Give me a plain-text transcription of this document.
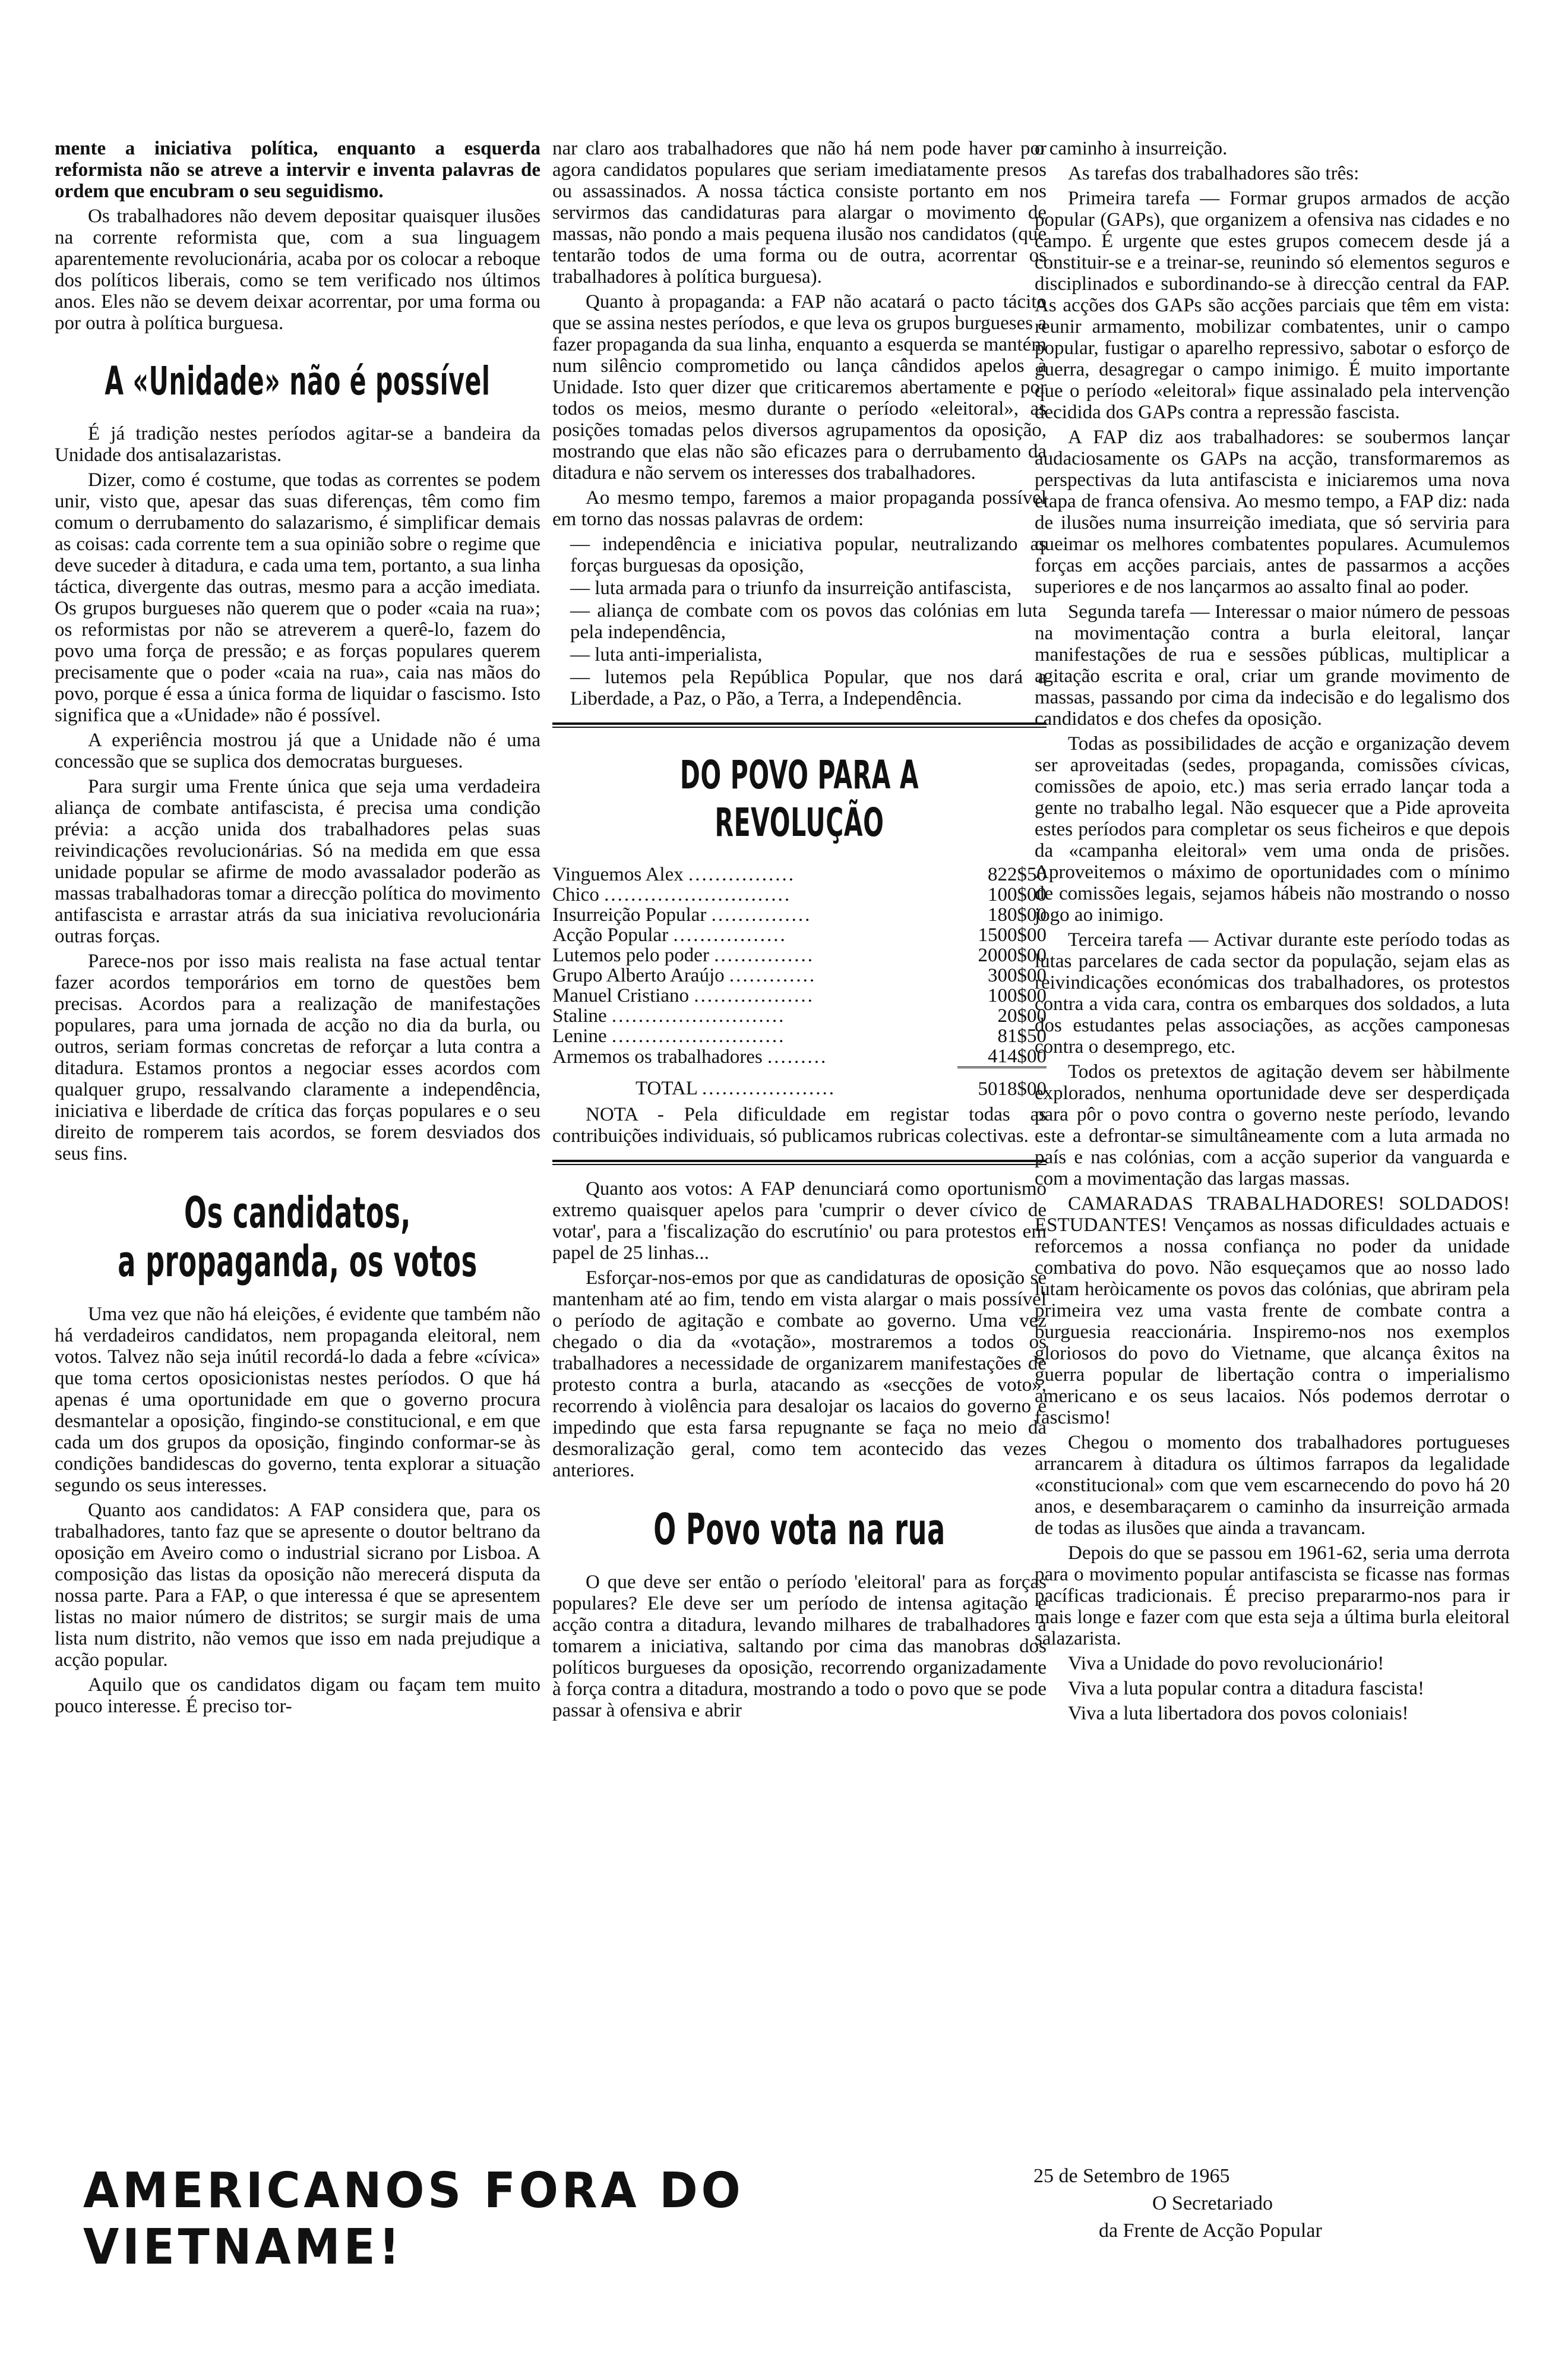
mente a iniciativa política, enquanto a esquerda reformista não se atreve a intervir e inventa palavras de ordem que encubram o seu seguidismo.

Os trabalhadores não devem depositar quaisquer ilusões na corrente reformista que, com a sua linguagem aparentemente revolucionária, acaba por os colocar a reboque dos políticos liberais, como se tem verificado nos últimos anos. Eles não se devem deixar acorrentar, por uma forma ou por outra à política burguesa.

A «Unidade» não é possível

É já tradição nestes períodos agitar-se a bandeira da Unidade dos antisalazaristas.

Dizer, como é costume, que todas as correntes se podem unir, visto que, apesar das suas diferenças, têm como fim comum o derrubamento do salazarismo, é simplificar demais as coisas: cada corrente tem a sua opinião sobre o regime que deve suceder à ditadura, e cada uma tem, portanto, a sua linha táctica, divergente das outras, mesmo para a acção imediata. Os grupos burgueses não querem que o poder «caia na rua»; os reformistas por não se atreverem a querê-lo, fazem do povo uma força de pressão; e as forças populares querem precisamente que o poder «caia na rua», caia nas mãos do povo, porque é essa a única forma de liquidar o fascismo. Isto significa que a «Unidade» não é possível.

A experiência mostrou já que a Unidade não é uma concessão que se suplica dos democratas burgueses.

Para surgir uma Frente única que seja uma verdadeira aliança de combate antifascista, é precisa uma condição prévia: a acção unida dos trabalhadores pelas suas reivindicações revolucionárias. Só na medida em que essa unidade popular se afirme de modo avassalador poderão as massas trabalhadoras tomar a direcção política do movimento antifascista e arrastar atrás da sua iniciativa revolucionária outras forças.

Parece-nos por isso mais realista na fase actual tentar fazer acordos temporários em torno de questões bem precisas. Acordos para a realização de manifestações populares, para uma jornada de acção no dia da burla, ou outros, seriam formas concretas de reforçar a luta contra a ditadura. Estamos prontos a negociar esses acordos com qualquer grupo, ressalvando claramente a independência, iniciativa e liberdade de crítica das forças populares e o seu direito de romperem tais acordos, se forem desviados dos seus fins.

Os candidatos,
a propaganda, os votos

Uma vez que não há eleições, é evidente que também não há verdadeiros candidatos, nem propaganda eleitoral, nem votos. Talvez não seja inútil recordá-lo dada a febre «cívica» que toma certos oposicionistas nestes períodos. O que há apenas é uma oportunidade em que o governo procura desmantelar a oposição, fingindo-se constitucional, e em que cada um dos grupos da oposição, fingindo conformar-se às condições bandidescas do governo, tenta explorar a situação segundo os seus interesses.

Quanto aos candidatos: A FAP considera que, para os trabalhadores, tanto faz que se apresente o doutor beltrano da oposição em Aveiro como o industrial sicrano por Lisboa. A composição das listas da oposição não merecerá disputa da nossa parte. Para a FAP, o que interessa é que se apresentem listas no maior número de distritos; se surgir mais de uma lista num distrito, não vemos que isso em nada prejudique a acção popular.

Aquilo que os candidatos digam ou façam tem muito pouco interesse. É preciso tor-

nar claro aos trabalhadores que não há nem pode haver por agora candidatos populares que seriam imediatamente presos ou assassinados. A nossa táctica consiste portanto em nos servirmos das candidaturas para alargar o movimento de massas, não pondo a mais pequena ilusão nos candidatos (que tentarão todos de uma forma ou de outra, acorrentar os trabalhadores à política burguesa).

Quanto à propaganda: a FAP não acatará o pacto tácito que se assina nestes períodos, e que leva os grupos burgueses a fazer propaganda da sua linha, enquanto a esquerda se mantém num silêncio comprometido ou lança cândidos apelos à Unidade. Isto quer dizer que criticaremos abertamente e por todos os meios, mesmo durante o período «eleitoral», as posições tomadas pelos diversos agrupamentos da oposição, mostrando que elas não são eficazes para o derrubamento da ditadura e não servem os interesses dos trabalhadores.

Ao mesmo tempo, faremos a maior propaganda possível em torno das nossas palavras de ordem:

— independência e iniciativa popular, neutralizando as forças burguesas da oposição,
— luta armada para o triunfo da insurreição antifascista,
— aliança de combate com os povos das colónias em luta pela independência,
— luta anti-imperialista,
— lutemos pela República Popular, que nos dará a Liberdade, a Paz, o Pão, a Terra, a Independência.
DO POVO PARA A REVOLUÇÃO
Vinguemos Alex ................	822$50
Chico ............................	100$00
Insurreição Popular ...............	180$00
Acção Popular .................	1500$00
Lutemos pelo poder ...............	2000$00
Grupo Alberto Araújo .............	300$00
Manuel Cristiano ..................	100$00
Staline ..........................	20$00
Lenine ..........................	81$50
Armemos os trabalhadores .........	414$00
TOTAL ....................	5018$00

NOTA - Pela dificuldade em registar todas as contribuições individuais, só publicamos rubricas colectivas.

Quanto aos votos: A FAP denunciará como oportunismo extremo quaisquer apelos para 'cumprir o dever cívico de votar', para a 'fiscalização do escrutínio' ou para protestos em papel de 25 linhas...

Esforçar-nos-emos por que as candidaturas de oposição se mantenham até ao fim, tendo em vista alargar o mais possível o período de agitação e combate ao governo. Uma vez chegado o dia da «votação», mostraremos a todos os trabalhadores a necessidade de organizarem manifestações de protesto contra a burla, atacando as «secções de voto», recorrendo à violência para desalojar os lacaios do governo e impedindo que esta farsa repugnante se faça no meio da desmoralização geral, como tem acontecido das vezes anteriores.

O Povo vota na rua

O que deve ser então o período 'eleitoral' para as forças populares? Ele deve ser um período de intensa agitação e acção contra a ditadura, levando milhares de trabalhadores a tomarem a iniciativa, saltando por cima das manobras dos políticos burgueses da oposição, recorrendo organizadamente à força contra a ditadura, mostrando a todo o povo que se pode passar à ofensiva e abrir

o caminho à insurreição.

As tarefas dos trabalhadores são três:

Primeira tarefa — Formar grupos armados de acção popular (GAPs), que organizem a ofensiva nas cidades e no campo. É urgente que estes grupos comecem desde já a constituir-se e a treinar-se, reunindo só elementos seguros e disciplinados e subordinando-se à direcção central da FAP. As acções dos GAPs são acções parciais que têm em vista: reunir armamento, mobilizar combatentes, unir o campo popular, fustigar o aparelho repressivo, sabotar o esforço de guerra, desagregar o campo inimigo. É muito importante que o período «eleitoral» fique assinalado pela intervenção decidida dos GAPs contra a repressão fascista.

A FAP diz aos trabalhadores: se soubermos lançar audaciosamente os GAPs na acção, transformaremos as perspectivas da luta antifascista e iniciaremos uma nova etapa de franca ofensiva. Ao mesmo tempo, a FAP diz: nada de ilusões numa insurreição imediata, que só serviria para queimar os melhores combatentes populares. Acumulemos forças em acções parciais, antes de passarmos a acções superiores e de nos lançarmos ao assalto final ao poder.

Segunda tarefa — Interessar o maior número de pessoas na movimentação contra a burla eleitoral, lançar manifestações de rua e sessões públicas, multiplicar a agitação escrita e oral, criar um grande movimento de massas, passando por cima da indecisão e do legalismo dos candidatos e dos chefes da oposição.

Todas as possibilidades de acção e organização devem ser aproveitadas (sedes, propaganda, comissões cívicas, comissões de apoio, etc.) mas seria errado lançar toda a gente no trabalho legal. Não esquecer que a Pide aproveita estes períodos para completar os seus ficheiros e que depois da «campanha eleitoral» vem uma onda de prisões. Aproveitemos o máximo de oportunidades com o mínimo de comissões legais, sejamos hábeis não mostrando o nosso jogo ao inimigo.

Terceira tarefa — Activar durante este período todas as lutas parcelares de cada sector da população, sejam elas as reivindicações económicas dos trabalhadores, os protestos contra a vida cara, contra os embarques dos soldados, a luta dos estudantes pelas associações, as acções camponesas contra o desemprego, etc.

Todos os pretextos de agitação devem ser hàbilmente explorados, nenhuma oportunidade deve ser desperdiçada para pôr o povo contra o governo neste período, levando este a defrontar-se simultâneamente com a luta armada no país e nas colónias, com a acção superior da vanguarda e com a movimentação das largas massas.

CAMARADAS TRABALHADORES! SOLDADOS! ESTUDANTES! Vençamos as nossas dificuldades actuais e reforcemos a nossa confiança no poder da unidade combativa do povo. Não esqueçamos que ao nosso lado lutam heròicamente os povos das colónias, que abriram pela primeira vez uma vasta frente de combate contra a burguesia reaccionária. Inspiremo-nos nos exemplos gloriosos do povo do Vietname, que alcança êxitos na guerra popular de libertação contra o imperialismo americano e os seus lacaios. Nós podemos derrotar o fascismo!

Chegou o momento dos trabalhadores portugueses arrancarem à ditadura os últimos farrapos da legalidade «constitucional» com que vem escarnecendo do povo há 20 anos, e desembaraçarem o caminho da insurreição armada de todas as ilusões que ainda a travancam.

Depois do que se passou em 1961-62, seria uma derrota para o movimento popular antifascista se ficasse nas formas pacíficas tradicionais. É preciso prepararmo-nos para ir mais longe e fazer com que esta seja a última burla eleitoral salazarista.

Viva a Unidade do povo revolucionário!

Viva a luta popular contra a ditadura fascista!

Viva a luta libertadora dos povos coloniais!

AMERICANOS FORA DO VIETNAME!
25 de Setembro de 1965
O Secretariado
da Frente de Acção Popular
